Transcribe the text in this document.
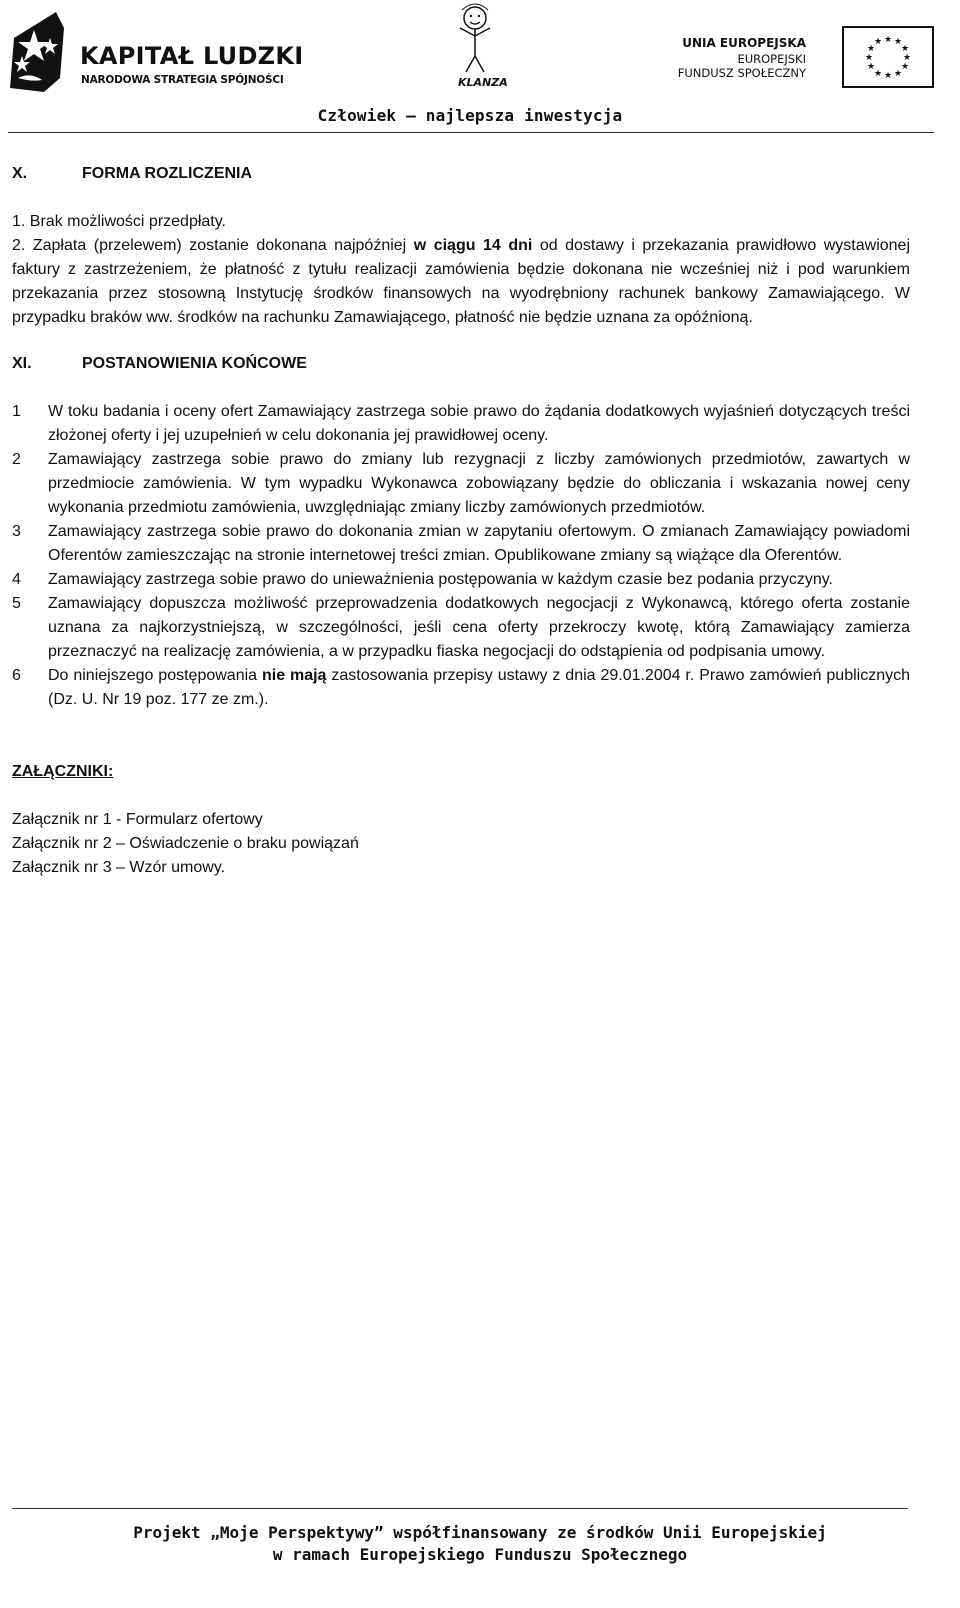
KAPITAŁ LUDZKI
NARODOWA STRATEGIA SPÓJNOŚCI	KLANZA
UNIA EUROPEJSKA
EUROPEJSKI
FUNDUSZ SPOŁECZNY
★ ★
★
★
★
★
★
★
★
★
★
★
Człowiek – najlepsza inwestycja
X.	FORMA ROZLICZENIA

1. Brak możliwości przedpłaty.

2. Zapłata (przelewem) zostanie dokonana najpóźniej w ciągu 14 dni od dostawy i przekazania prawidłowo wystawionej faktury z zastrzeżeniem, że płatność z tytułu realizacji zamówienia będzie dokonana nie wcześniej niż i pod warunkiem przekazania przez stosowną Instytucję środków finansowych na wyodrębniony rachunek bankowy Zamawiającego. W przypadku braków ww. środków na rachunku Zamawiającego, płatność nie będzie uznana za opóźnioną.

XI.	POSTANOWIENIA KOŃCOWE
1	W toku badania i oceny ofert Zamawiający zastrzega sobie prawo do żądania dodatkowych wyjaśnień dotyczących treści złożonej oferty i jej uzupełnień w celu dokonania jej prawidłowej oceny.
2	Zamawiający zastrzega sobie prawo do zmiany lub rezygnacji z liczby zamówionych przedmiotów, zawartych w przedmiocie zamówienia. W tym wypadku Wykonawca zobowiązany będzie do obliczania i wskazania nowej ceny wykonania przedmiotu zamówienia, uwzględniając zmiany liczby zamówionych przedmiotów.
3	Zamawiający zastrzega sobie prawo do dokonania zmian w zapytaniu ofertowym. O zmianach Zamawiający powiadomi Oferentów zamieszczając na stronie internetowej treści zmian. Opublikowane zmiany są wiążące dla Oferentów.
4	Zamawiający zastrzega sobie prawo do unieważnienia postępowania w każdym czasie bez podania przyczyny.
5	Zamawiający dopuszcza możliwość przeprowadzenia dodatkowych negocjacji z Wykonawcą, którego oferta zostanie uznana za najkorzystniejszą, w szczególności, jeśli cena oferty przekroczy kwotę, którą Zamawiający zamierza przeznaczyć na realizację zamówienia, a w przypadku fiaska negocjacji do odstąpienia od podpisania umowy.
6	Do niniejszego postępowania nie mają zastosowania przepisy ustawy z dnia 29.01.2004 r. Prawo zamówień publicznych (Dz. U. Nr 19 poz. 177 ze zm.).

ZAŁĄCZNIKI:

Załącznik nr 1 - Formularz ofertowy

Załącznik nr 2 – Oświadczenie o braku powiązań

Załącznik nr 3 – Wzór umowy.

Projekt „Moje Perspektywy” współfinansowany ze środków Unii Europejskiej
w ramach Europejskiego Funduszu Społecznego
